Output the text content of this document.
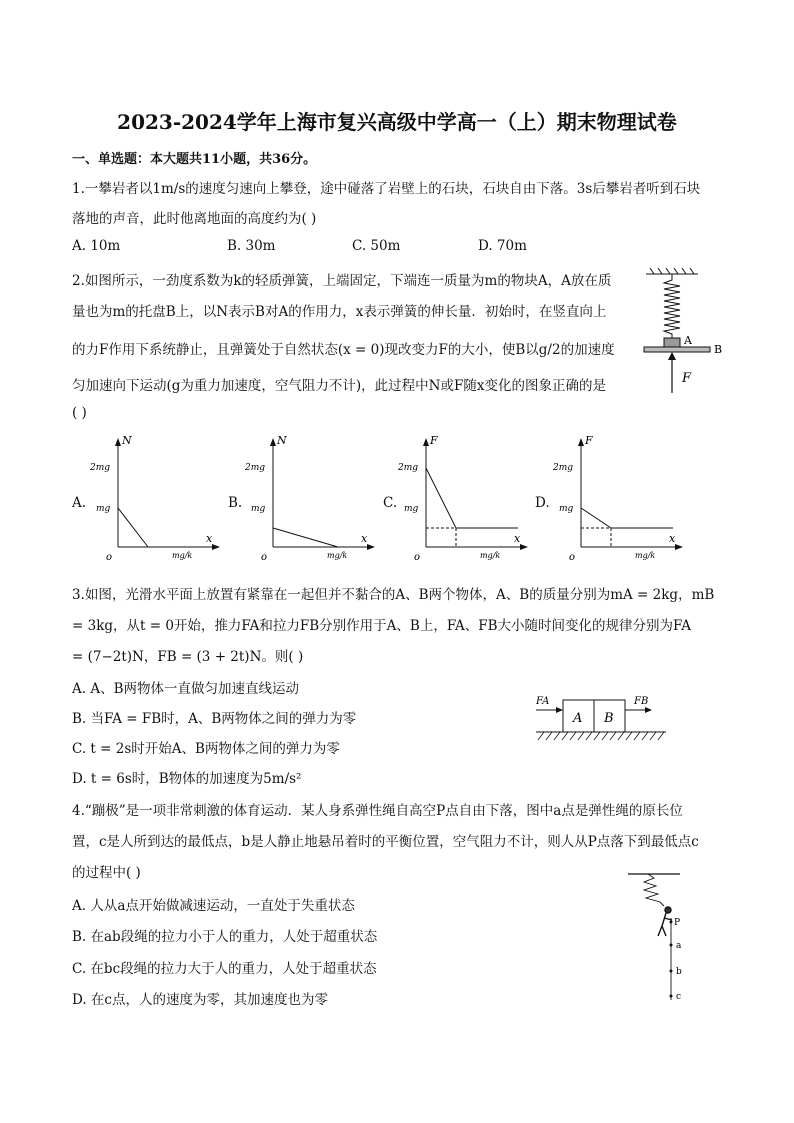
2023-2024学年上海市复兴高级中学高一（上）期末物理试卷
一、单选题：本大题共11小题，共36分。
1.一攀岩者以1m/s的速度匀速向上攀登，途中碰落了岩壁上的石块，石块自由下落。3s后攀岩者听到石块
落地的声音，此时他离地面的高度约为( )
A. 10m	B. 30m	C. 50m	D. 70m
2.如图所示，一劲度系数为k的轻质弹簧，上端固定，下端连一质量为m的物块A，A放在质
量也为m的托盘B上，以N表示B对A的作用力，x表示弹簧的伸长量．初始时，在竖直向上
的力F作用下系统静止，且弹簧处于自然状态(x = 0)现改变力F的大小，使B以g/2的加速度
匀加速向下运动(g为重力加速度，空气阻力不计)，此过程中N或F随x变化的图象正确的是
( )
A
B
F
A.
N
2mg
mg
o	mg/k
x
B.
N
2mg
mg
o	mg/k
x
C.
F
2mg
mg
o	mg/k
x
D.
F
2mg
mg
o	mg/k
x
3.如图，光滑水平面上放置有紧靠在一起但并不黏合的A、B两个物体，A、B的质量分别为mA = 2kg，mB
= 3kg，从t = 0开始，推力FA和拉力FB分别作用于A、B上，FA、FB大小随时间变化的规律分别为FA
= (7−2t)N，FB = (3 + 2t)N。则( )
A. A、B两物体一直做匀加速直线运动
B. 当FA = FB时，A、B两物体之间的弹力为零
C. t = 2s时开始A、B两物体之间的弹力为零
D. t = 6s时，B物体的加速度为5m/s²
A B
FA	FB
4.“蹦极”是一项非常刺激的体育运动．某人身系弹性绳自高空P点自由下落，图中a点是弹性绳的原长位
置，c是人所到达的最低点，b是人静止地悬吊着时的平衡位置，空气阻力不计，则人从P点落下到最低点c
的过程中( )
A. 人从a点开始做减速运动，一直处于失重状态
B. 在ab段绳的拉力小于人的重力，人处于超重状态
C. 在bc段绳的拉力大于人的重力，人处于超重状态
D. 在c点，人的速度为零，其加速度也为零
P
a
b
c
